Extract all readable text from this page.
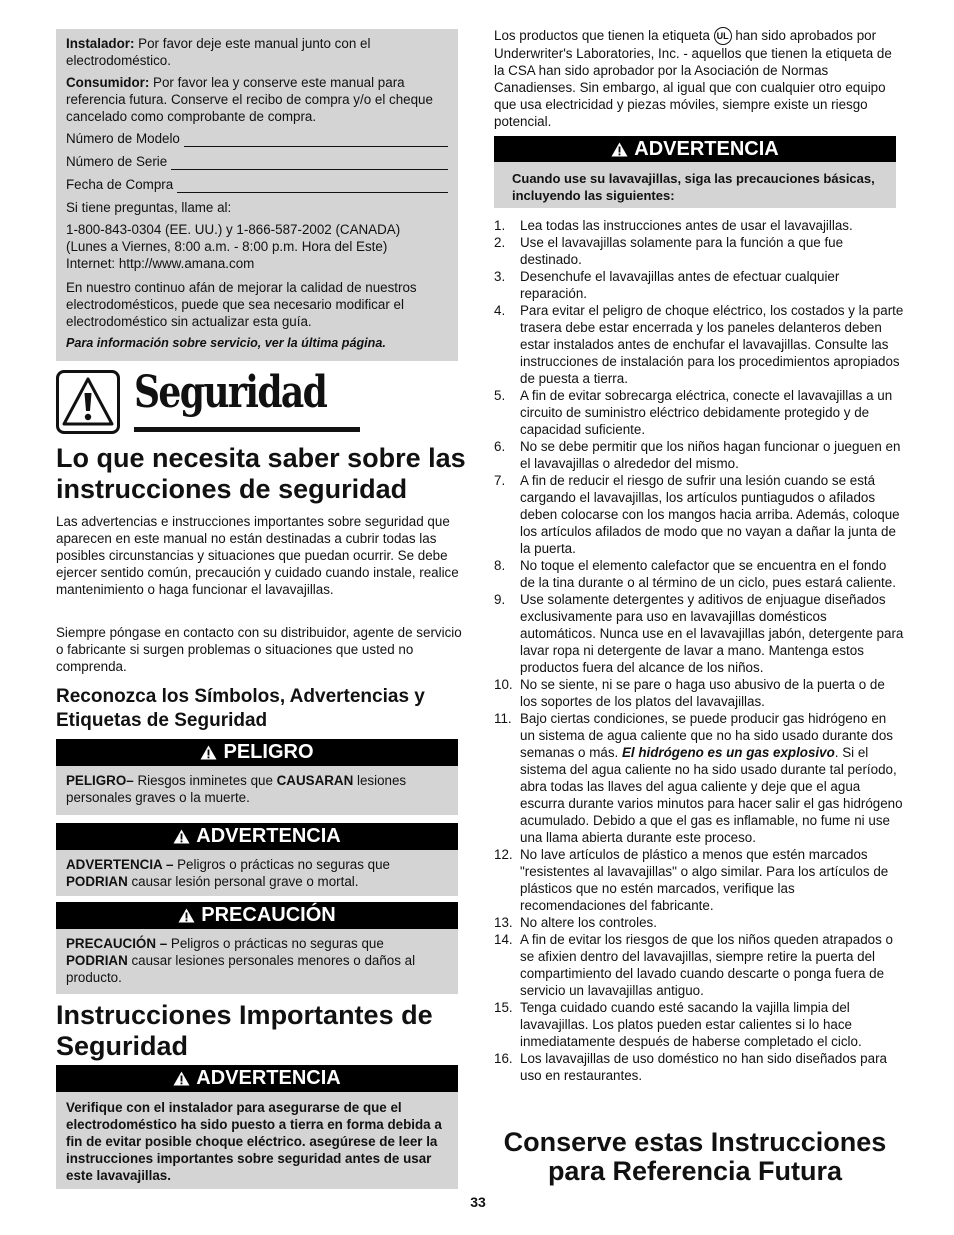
Instalador: Por favor deje este manual junto con el electrodoméstico.

Consumidor: Por favor lea y conserve este manual para referencia futura. Conserve el recibo de compra y/o el cheque cancelado como comprobante de compra.

Número de Modelo
Número de Serie
Fecha de Compra

Si tiene preguntas, llame al:

1-800-843-0304 (EE. UU.) y 1-866-587-2002 (CANADA)
(Lunes a Viernes, 8:00 a.m. - 8:00 p.m. Hora del Este)
Internet: http://www.amana.com

En nuestro continuo afán de mejorar la calidad de nuestros electrodomésticos, puede que sea necesario modificar el electrodoméstico sin actualizar esta guía.

Para información sobre servicio, ver la última página.

Seguridad
Lo que necesita saber sobre las instrucciones de seguridad

Las advertencias e instrucciones importantes sobre seguridad que aparecen en este manual no están destinadas a cubrir todas las posibles circunstancias y situaciones que puedan ocurrir. Se debe ejercer sentido común, precaución y cuidado cuando instale, realice mantenimiento o haga funcionar el lavavajillas.

Siempre póngase en contacto con su distribuidor, agente de servicio o fabricante si surgen problemas o situaciones que usted no comprenda.

Reconozca los Símbolos, Advertencias y Etiquetas de Seguridad
PELIGRO
PELIGRO– Riesgos inminetes que CAUSARAN lesiones personales graves o la muerte.
ADVERTENCIA
ADVERTENCIA – Peligros o prácticas no seguras que PODRIAN causar lesión personal grave o mortal.
PRECAUCIÓN
PRECAUCIÓN – Peligros o prácticas no seguras que PODRIAN causar lesiones personales menores o daños al producto.
Instrucciones Importantes de Seguridad
ADVERTENCIA
Verifique con el instalador para asegurarse de que el electrodoméstico ha sido puesto a tierra en forma debida a fin de evitar posible choque eléctrico. asegúrese de leer la instrucciones importantes sobre seguridad antes de usar este lavavajillas.

Los productos que tienen la etiqueta UL han sido aprobados por Underwriter's Laboratories, Inc. - aquellos que tienen la etiqueta de la CSA han sido aprobador por la Asociación de Normas Canadienses. Sin embargo, al igual que con cualquier otro equipo que usa electricidad y piezas móviles, siempre existe un riesgo potencial.

ADVERTENCIA
Cuando use su lavavajillas, siga las precauciones básicas, incluyendo las siguientes:
1. Lea todas las instrucciones antes de usar el lavavajillas.
2. Use el lavavajillas solamente para la función a que fue destinado.
3. Desenchufe el lavavajillas antes de efectuar cualquier reparación.
4. Para evitar el peligro de choque eléctrico, los costados y la parte trasera debe estar encerrada y los paneles delanteros deben estar instalados antes de enchufar el lavavajillas. Consulte las instrucciones de instalación para los procedimientos apropiados de puesta a tierra.
5. A fin de evitar sobrecarga eléctrica, conecte el lavavajillas a un circuito de suministro eléctrico debidamente protegido y de capacidad suficiente.
6. No se debe permitir que los niños hagan funcionar o jueguen en el lavavajillas o alrededor del mismo.
7. A fin de reducir el riesgo de sufrir una lesión cuando se está cargando el lavavajillas, los artículos puntiagudos o afilados deben colocarse con los mangos hacia arriba. Además, coloque los artículos afilados de modo que no vayan a dañar la junta de la puerta.
8. No toque el elemento calefactor que se encuentra en el fondo de la tina durante o al término de un ciclo, pues estará caliente.
9. Use solamente detergentes y aditivos de enjuague diseñados exclusivamente para uso en lavavajillas domésticos automáticos. Nunca use en el lavavajillas jabón, detergente para lavar ropa ni detergente de lavar a mano. Mantenga estos productos fuera del alcance de los niños.
10. No se siente, ni se pare o haga uso abusivo de la puerta o de los soportes de los platos del lavavajillas.
11. Bajo ciertas condiciones, se puede producir gas hidrógeno en un sistema de agua caliente que no ha sido usado durante dos semanas o más. El hidrógeno es un gas explosivo. Si el sistema del agua caliente no ha sido usado durante tal período, abra todas las llaves del agua caliente y deje que el agua escurra durante varios minutos para hacer salir el gas hidrógeno acumulado. Debido a que el gas es inflamable, no fume ni use una llama abierta durante este proceso.
12. No lave artículos de plástico a menos que estén marcados "resistentes al lavavajillas" o algo similar. Para los artículos de plásticos que no estén marcados, verifique las recomendaciones del fabricante.
13. No altere los controles.
14. A fin de evitar los riesgos de que los niños queden atrapados o se afixien dentro del lavavajillas, siempre retire la puerta del compartimiento del lavado cuando descarte o ponga fuera de servicio un lavavajillas antiguo.
15. Tenga cuidado cuando esté sacando la vajilla limpia del lavavajillas. Los platos pueden estar calientes si lo hace inmediatamente después de haberse completado el ciclo.
16. Los lavavajillas de uso doméstico no han sido diseñados para uso en restaurantes.
Conserve estas Instrucciones para Referencia Futura
33
